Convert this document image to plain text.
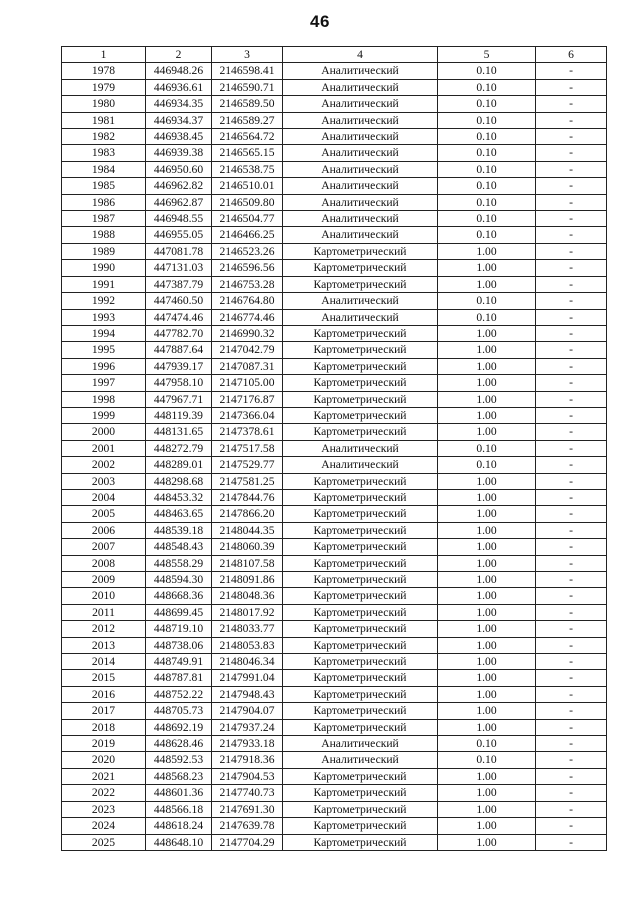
46
1	2	3	4	5	6
1978	446948.26	2146598.41	Аналитический	0.10	-
1979	446936.61	2146590.71	Аналитический	0.10	-
1980	446934.35	2146589.50	Аналитический	0.10	-
1981	446934.37	2146589.27	Аналитический	0.10	-
1982	446938.45	2146564.72	Аналитический	0.10	-
1983	446939.38	2146565.15	Аналитический	0.10	-
1984	446950.60	2146538.75	Аналитический	0.10	-
1985	446962.82	2146510.01	Аналитический	0.10	-
1986	446962.87	2146509.80	Аналитический	0.10	-
1987	446948.55	2146504.77	Аналитический	0.10	-
1988	446955.05	2146466.25	Аналитический	0.10	-
1989	447081.78	2146523.26	Картометрический	1.00	-
1990	447131.03	2146596.56	Картометрический	1.00	-
1991	447387.79	2146753.28	Картометрический	1.00	-
1992	447460.50	2146764.80	Аналитический	0.10	-
1993	447474.46	2146774.46	Аналитический	0.10	-
1994	447782.70	2146990.32	Картометрический	1.00	-
1995	447887.64	2147042.79	Картометрический	1.00	-
1996	447939.17	2147087.31	Картометрический	1.00	-
1997	447958.10	2147105.00	Картометрический	1.00	-
1998	447967.71	2147176.87	Картометрический	1.00	-
1999	448119.39	2147366.04	Картометрический	1.00	-
2000	448131.65	2147378.61	Картометрический	1.00	-
2001	448272.79	2147517.58	Аналитический	0.10	-
2002	448289.01	2147529.77	Аналитический	0.10	-
2003	448298.68	2147581.25	Картометрический	1.00	-
2004	448453.32	2147844.76	Картометрический	1.00	-
2005	448463.65	2147866.20	Картометрический	1.00	-
2006	448539.18	2148044.35	Картометрический	1.00	-
2007	448548.43	2148060.39	Картометрический	1.00	-
2008	448558.29	2148107.58	Картометрический	1.00	-
2009	448594.30	2148091.86	Картометрический	1.00	-
2010	448668.36	2148048.36	Картометрический	1.00	-
2011	448699.45	2148017.92	Картометрический	1.00	-
2012	448719.10	2148033.77	Картометрический	1.00	-
2013	448738.06	2148053.83	Картометрический	1.00	-
2014	448749.91	2148046.34	Картометрический	1.00	-
2015	448787.81	2147991.04	Картометрический	1.00	-
2016	448752.22	2147948.43	Картометрический	1.00	-
2017	448705.73	2147904.07	Картометрический	1.00	-
2018	448692.19	2147937.24	Картометрический	1.00	-
2019	448628.46	2147933.18	Аналитический	0.10	-
2020	448592.53	2147918.36	Аналитический	0.10	-
2021	448568.23	2147904.53	Картометрический	1.00	-
2022	448601.36	2147740.73	Картометрический	1.00	-
2023	448566.18	2147691.30	Картометрический	1.00	-
2024	448618.24	2147639.78	Картометрический	1.00	-
2025	448648.10	2147704.29	Картометрический	1.00	-
